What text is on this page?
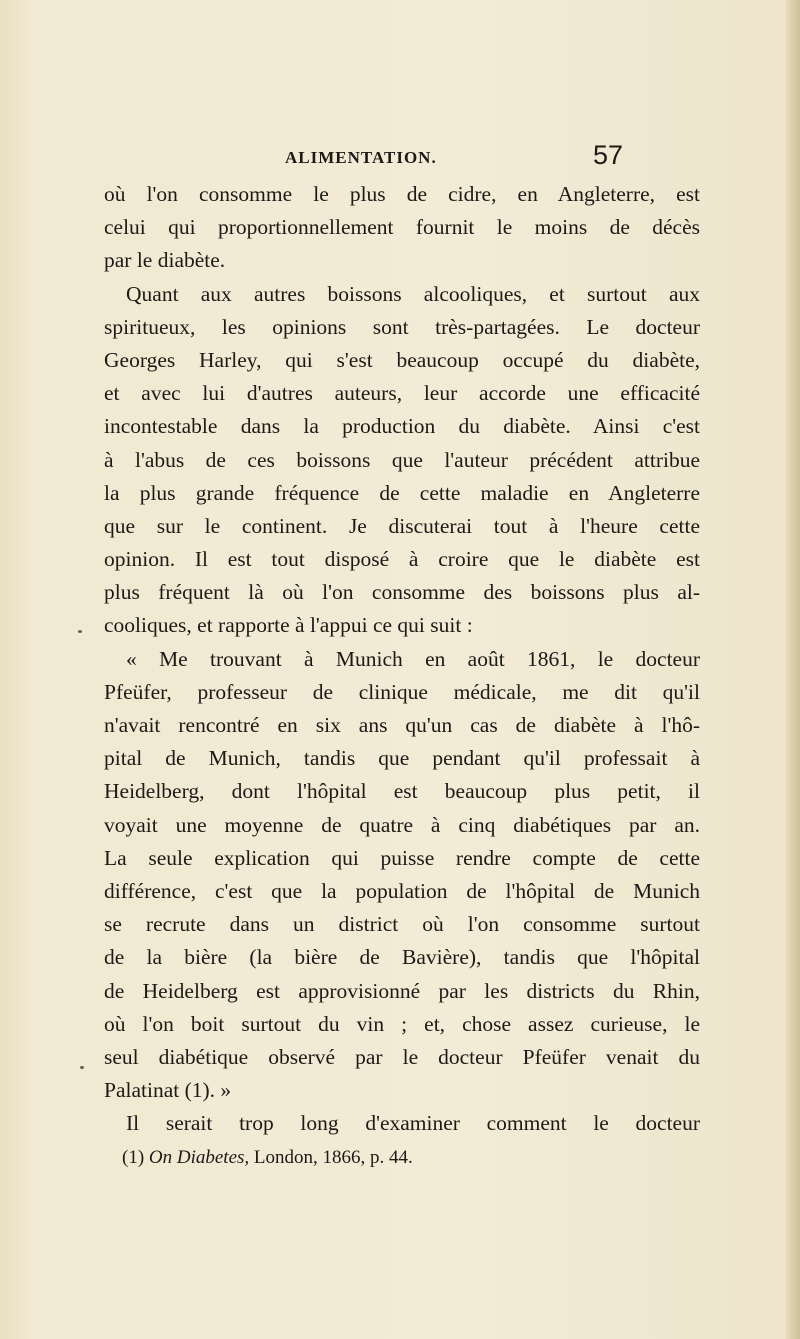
ALIMENTATION.	57
où l'on consomme le plus de cidre, en Angleterre, est
celui qui proportionnellement fournit le moins de décès
par le diabète.
Quant aux autres boissons alcooliques, et surtout aux
spiritueux, les opinions sont très-partagées. Le docteur
Georges Harley, qui s'est beaucoup occupé du diabète,
et avec lui d'autres auteurs, leur accorde une efficacité
incontestable dans la production du diabète. Ainsi c'est
à l'abus de ces boissons que l'auteur précédent attribue
la plus grande fréquence de cette maladie en Angleterre
que sur le continent. Je discuterai tout à l'heure cette
opinion. Il est tout disposé à croire que le diabète est
plus fréquent là où l'on consomme des boissons plus al-
cooliques, et rapporte à l'appui ce qui suit :
« Me trouvant à Munich en août 1861, le docteur
Pfeüfer, professeur de clinique médicale, me dit qu'il
n'avait rencontré en six ans qu'un cas de diabète à l'hô-
pital de Munich, tandis que pendant qu'il professait à
Heidelberg, dont l'hôpital est beaucoup plus petit, il
voyait une moyenne de quatre à cinq diabétiques par an.
La seule explication qui puisse rendre compte de cette
différence, c'est que la population de l'hôpital de Munich
se recrute dans un district où l'on consomme surtout
de la bière (la bière de Bavière), tandis que l'hôpital
de Heidelberg est approvisionné par les districts du Rhin,
où l'on boit surtout du vin ; et, chose assez curieuse, le
seul diabétique observé par le docteur Pfeüfer venait du
Palatinat (1). »
Il serait trop long d'examiner comment le docteur
(1) On Diabetes, London, 1866, p. 44.
